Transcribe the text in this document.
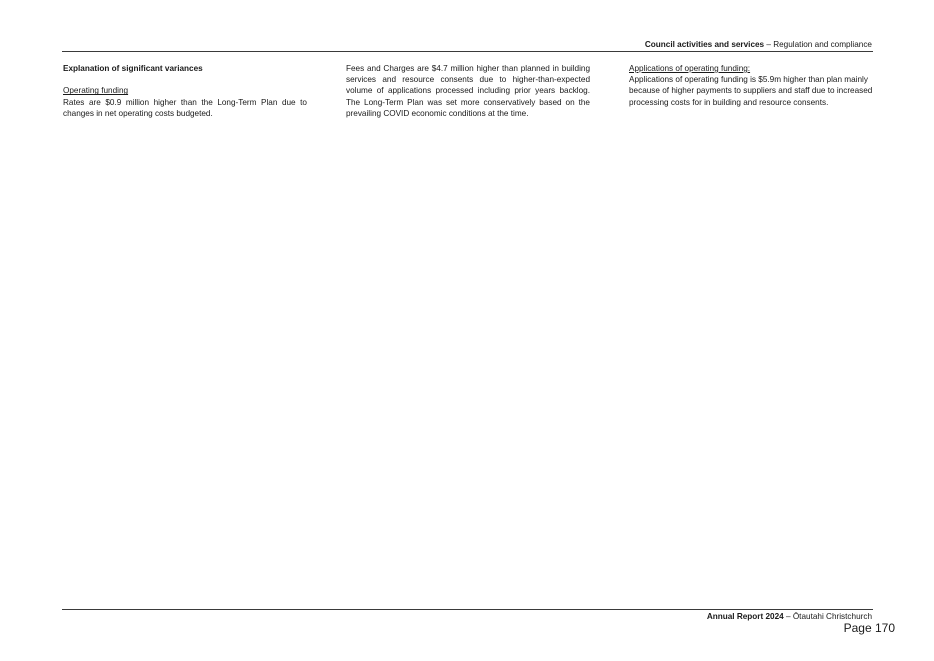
Council activities and services – Regulation and compliance

Explanation of significant variances

Operating funding

Rates are $0.9 million higher than the Long-Term Plan due to changes in net operating costs budgeted.

Fees and Charges are $4.7 million higher than planned in building services and resource consents due to higher-than-expected volume of applications processed including prior years backlog. The Long-Term Plan was set more conservatively based on the prevailing COVID economic conditions at the time.

Applications of operating funding:

Applications of operating funding is $5.9m higher than plan mainly because of higher payments to suppliers and staff due to increased processing costs for in building and resource consents.

Annual Report 2024 – Ōtautahi Christchurch
Page 170
